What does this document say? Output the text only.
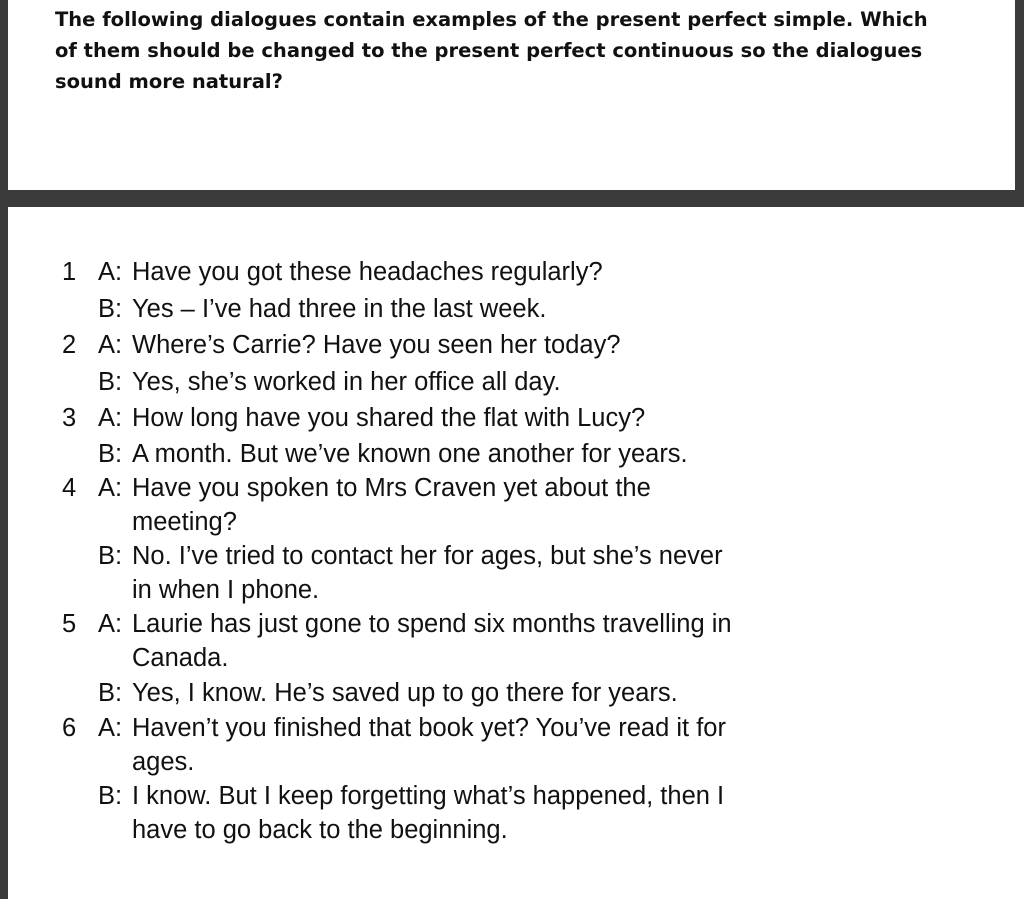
The following dialogues contain examples of the present perfect simple. Which of them should be changed to the present perfect continuous so the dialogues sound more natural?

1 A: Have you got these headaches regularly?
B: Yes – I’ve had three in the last week.
2 A: Where’s Carrie? Have you seen her today?
B: Yes, she’s worked in her office all day.
3 A: How long have you shared the flat with Lucy?
B: A month. But we’ve known one another for years.
4 A: Have you spoken to Mrs Craven yet about the meeting?
B: No. I’ve tried to contact her for ages, but she’s never in when I phone.
5 A: Laurie has just gone to spend six months travelling in Canada.
B: Yes, I know. He’s saved up to go there for years.
6 A: Haven’t you finished that book yet? You’ve read it for ages.
B: I know. But I keep forgetting what’s happened, then I have to go back to the beginning.
